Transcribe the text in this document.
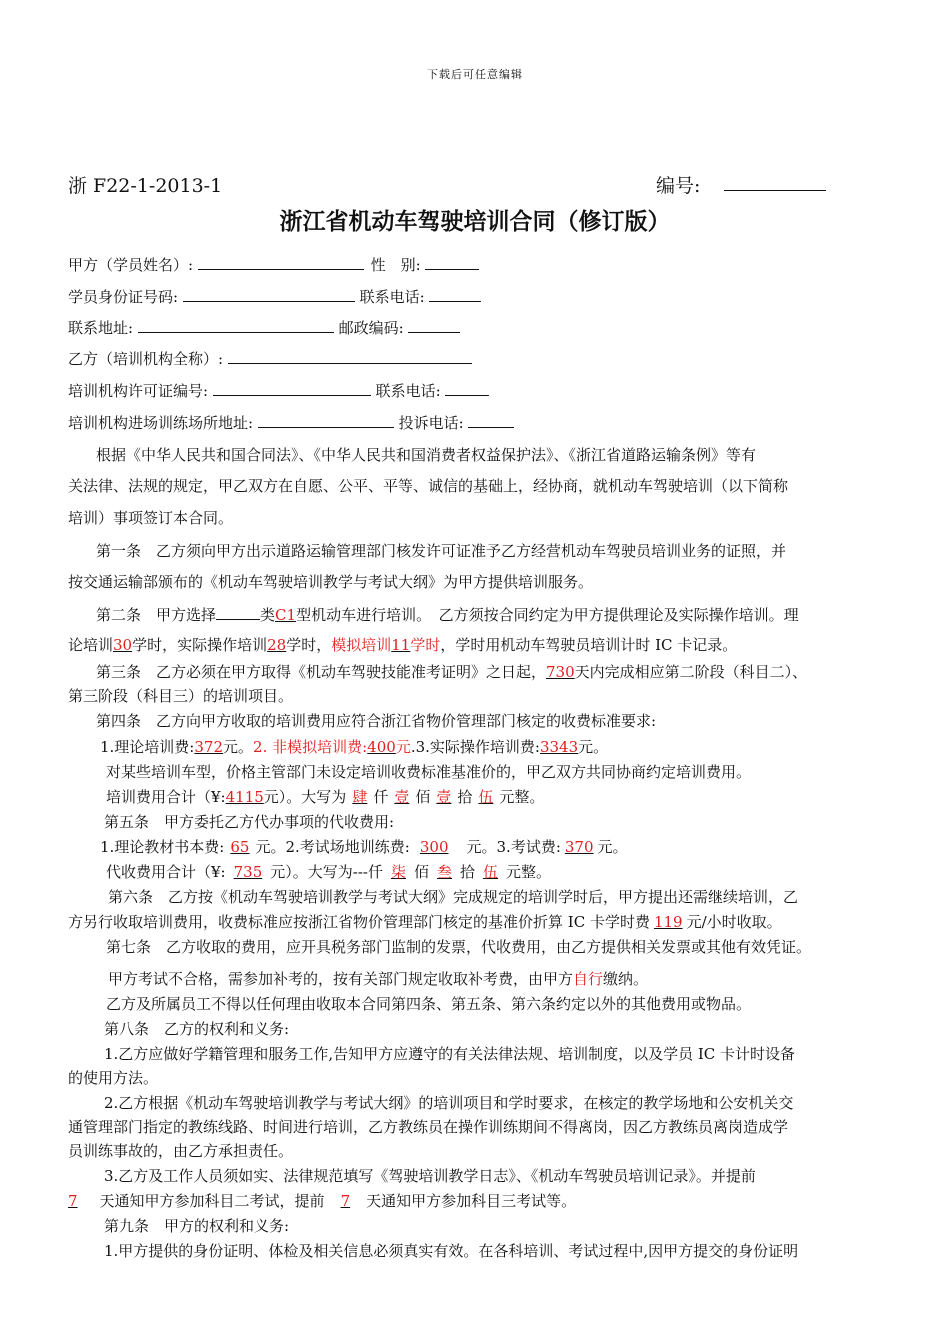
下载后可任意编辑
浙 F22-1-2013-1	编号:
浙江省机动车驾驶培训合同（修订版）
甲方（学员姓名）:	性　别:
学员身份证号码:	联系电话:
联系地址:	邮政编码:
乙方（培训机构全称）:
培训机构许可证编号:	联系电话:
培训机构进场训练场所地址:	投诉电话:
根据《中华人民共和国合同法》、《中华人民共和国消费者权益保护法》、《浙江省道路运输条例》等有
关法律、法规的规定，甲乙双方在自愿、公平、平等、诚信的基础上，经协商，就机动车驾驶培训（以下简称
培训）事项签订本合同。
第一条　乙方须向甲方出示道路运输管理部门核发许可证准予乙方经营机动车驾驶员培训业务的证照，并
按交通运输部颁布的《机动车驾驶培训教学与考试大纲》为甲方提供培训服务。
第二条　甲方选择	类C1型机动车进行培训。　乙方须按合同约定为甲方提供理论及实际操作培训。理
论培训30学时，实际操作培训28学时，模拟培训11学时，学时用机动车驾驶员培训计时 IC 卡记录。
第三条　乙方必须在甲方取得《机动车驾驶技能准考证明》之日起，730天内完成相应第二阶段（科目二）、
第三阶段（科目三）的培训项目。
第四条　乙方向甲方收取的培训费用应符合浙江省物价管理部门核定的收费标准要求:
1.理论培训费:372元。2. 非模拟培训费:400元.3.实际操作培训费:3343元。
对某些培训车型，价格主管部门未设定培训收费标准基准价的，甲乙双方共同协商约定培训费用。
培训费用合计（¥:4115元）。大写为 肆 仟 壹 佰 壹 拾 伍 元整。
第五条　甲方委托乙方代办事项的代收费用:
1.理论教材书本费: 65 元。2.考试场地训练费: 300 元。3.考试费: 370 元。
代收费用合计（¥: 735 元）。大写为---仟 柒 佰 叁 拾 伍 元整。
第六条　乙方按《机动车驾驶培训教学与考试大纲》完成规定的培训学时后，甲方提出还需继续培训，乙
方另行收取培训费用，收费标准应按浙江省物价管理部门核定的基准价折算 IC 卡学时费 119 元/小时收取。
第七条　乙方收取的费用，应开具税务部门监制的发票，代收费用，由乙方提供相关发票或其他有效凭证。
甲方考试不合格，需参加补考的，按有关部门规定收取补考费，由甲方自行缴纳。
乙方及所属员工不得以任何理由收取本合同第四条、第五条、第六条约定以外的其他费用或物品。
第八条　乙方的权利和义务:
1.乙方应做好学籍管理和服务工作,告知甲方应遵守的有关法律法规、培训制度，以及学员 IC 卡计时设备
的使用方法。
2.乙方根据《机动车驾驶培训教学与考试大纲》的培训项目和学时要求，在核定的教学场地和公安机关交
通管理部门指定的教练线路、时间进行培训，乙方教练员在操作训练期间不得离岗，因乙方教练员离岗造成学
员训练事故的，由乙方承担责任。
3.乙方及工作人员须如实、法律规范填写《驾驶培训教学日志》、《机动车驾驶员培训记录》。并提前
7 天通知甲方参加科目二考试，提前 7 天通知甲方参加科目三考试等。
第九条　甲方的权利和义务:
1.甲方提供的身份证明、体检及相关信息必须真实有效。在各科培训、考试过程中,因甲方提交的身份证明
